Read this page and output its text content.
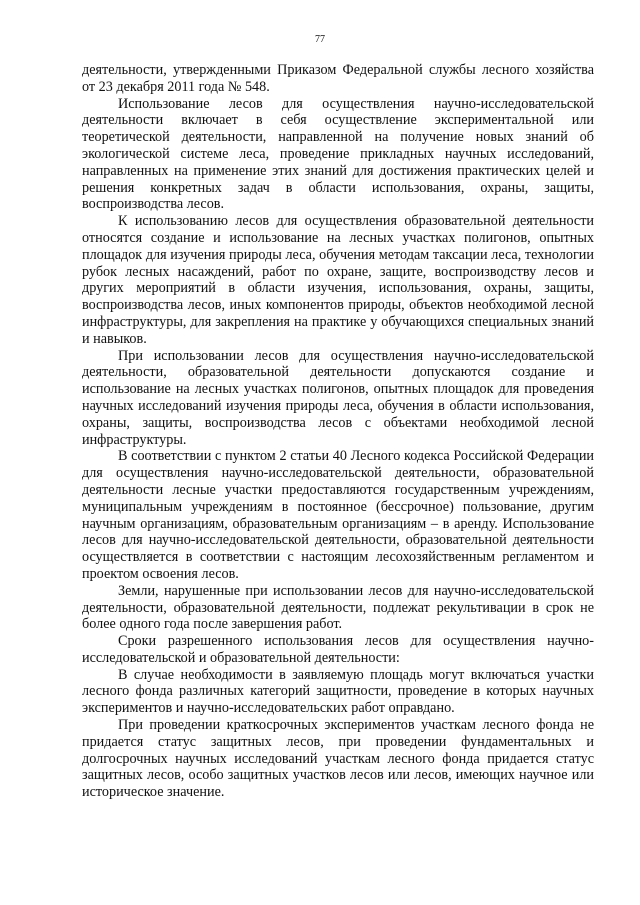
77

деятельности, утвержденными Приказом Федеральной службы лесного хозяйства от 23 декабря 2011 года № 548.

Использование лесов для осуществления научно-исследовательской деятельности включает в себя осуществление экспериментальной или теоретической деятельности, направленной на получение новых знаний об экологической системе леса, проведение прикладных научных исследований, направленных на применение этих знаний для достижения практических целей и решения конкретных задач в области использования, охраны, защиты, воспроизводства лесов.

К использованию лесов для осуществления образовательной деятельности относятся создание и использование на лесных участках полигонов, опытных площадок для изучения природы леса, обучения методам таксации леса, технологии рубок лесных насаждений, работ по охране, защите, воспроизводству лесов и других мероприятий в области изучения, использования, охраны, защиты, воспроизводства лесов, иных компонентов природы, объектов необходимой лесной инфраструктуры, для закрепления на практике у обучающихся специальных знаний и навыков.

При использовании лесов для осуществления научно-исследовательской деятельности, образовательной деятельности допускаются создание и использование на лесных участках полигонов, опытных площадок для проведения научных исследований изучения природы леса, обучения в области использования, охраны, защиты, воспроизводства лесов с объектами необходимой лесной инфраструктуры.

В соответствии с пунктом 2 статьи 40 Лесного кодекса Российской Федерации для осуществления научно-исследовательской деятельности, образовательной деятельности лесные участки предоставляются государственным учреждениям, муниципальным учреждениям в постоянное (бессрочное) пользование, другим научным организациям, образовательным организациям – в аренду. Использование лесов для научно-исследовательской деятельности, образовательной деятельности осуществляется в соответствии с настоящим лесохозяйственным регламентом и проектом освоения лесов.

Земли, нарушенные при использовании лесов для научно-исследовательской деятельности, образовательной деятельности, подлежат рекультивации в срок не более одного года после завершения работ.

Сроки разрешенного использования лесов для осуществления научно-исследовательской и образовательной деятельности:

В случае необходимости в заявляемую площадь могут включаться участки лесного фонда различных категорий защитности, проведение в которых научных экспериментов и научно-исследовательских работ оправдано.

При проведении краткосрочных экспериментов участкам лесного фонда не придается статус защитных лесов, при проведении фундаментальных и долгосрочных научных исследований участкам лесного фонда придается статус защитных лесов, особо защитных участков лесов или лесов, имеющих научное или историческое значение.
